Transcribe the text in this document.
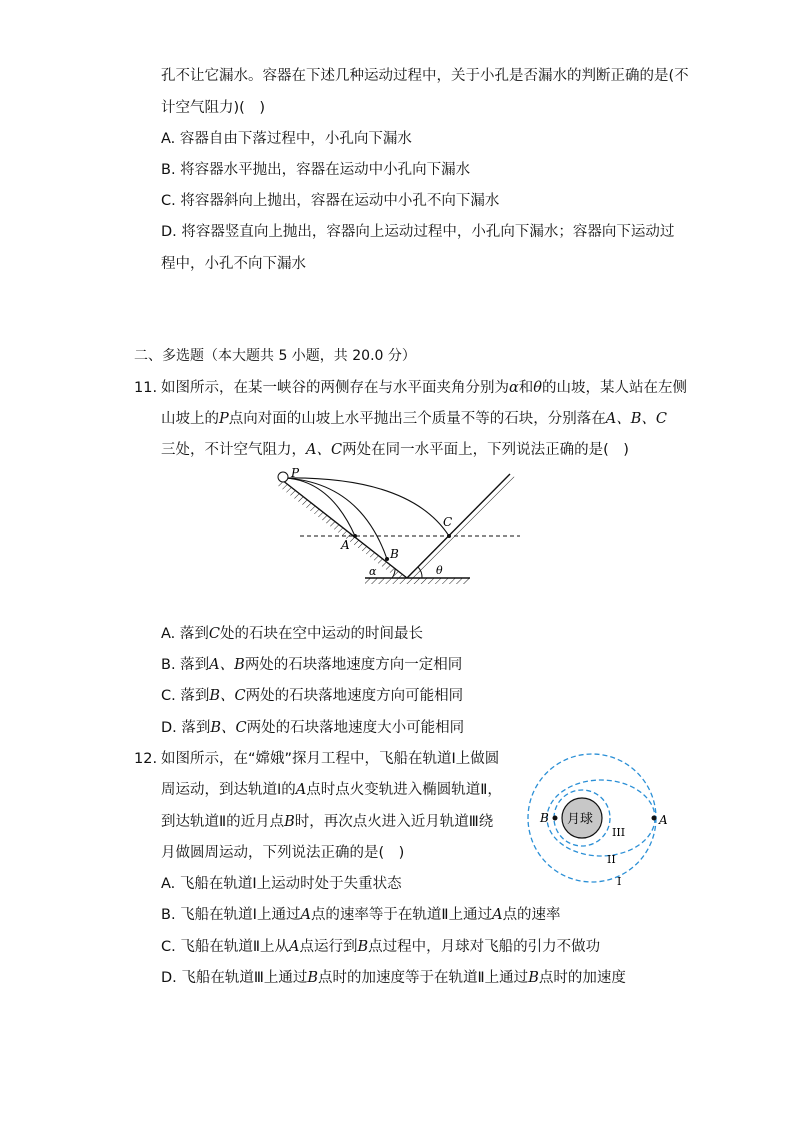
孔不让它漏水。容器在下述几种运动过程中，关于小孔是否漏水的判断正确的是(不
计空气阻力)(　)
A. 容器自由下落过程中，小孔向下漏水
B. 将容器水平抛出，容器在运动中小孔向下漏水
C. 将容器斜向上抛出，容器在运动中小孔不向下漏水
D. 将容器竖直向上抛出，容器向上运动过程中，小孔向下漏水；容器向下运动过
程中，小孔不向下漏水
二、多选题（本大题共 5 小题，共 20.0 分）
11. 如图所示，在某一峡谷的两侧存在与水平面夹角分别为α和θ的山坡，某人站在左侧
山坡上的P点向对面的山坡上水平抛出三个质量不等的石块，分别落在A、B、C
三处，不计空气阻力，A、C两处在同一水平面上，下列说法正确的是(　)
P
A
B
C
α	θ
A. 落到C处的石块在空中运动的时间最长
B. 落到A、B两处的石块落地速度方向一定相同
C. 落到B、C两处的石块落地速度方向可能相同
D. 落到B、C两处的石块落地速度大小可能相同
12. 如图所示，在“嫦娥”探月工程中，飞船在轨道Ⅰ上做圆
周运动，到达轨道Ⅰ的A点时点火变轨进入椭圆轨道Ⅱ，
到达轨道Ⅱ的近月点B时，再次点火进入近月轨道Ⅲ绕
月做圆周运动，下列说法正确的是(　)
月球
B	A
III
II
I
A. 飞船在轨道Ⅰ上运动时处于失重状态
B. 飞船在轨道Ⅰ上通过A点的速率等于在轨道Ⅱ上通过A点的速率
C. 飞船在轨道Ⅱ上从A点运行到B点过程中，月球对飞船的引力不做功
D. 飞船在轨道Ⅲ上通过B点时的加速度等于在轨道Ⅱ上通过B点时的加速度
